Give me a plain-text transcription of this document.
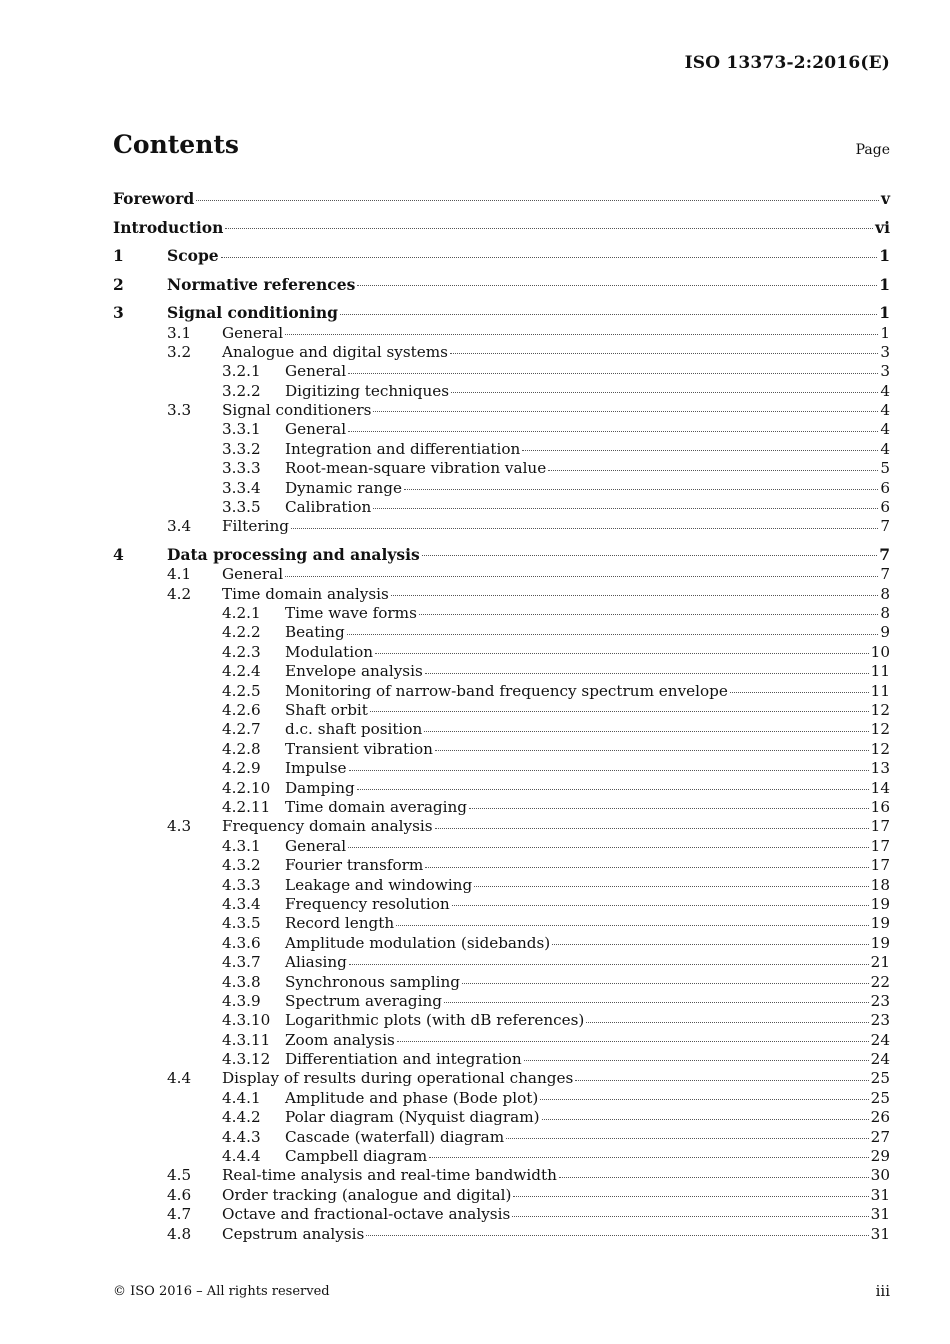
ISO 13373-2:2016(E)
Contents	Page
Foreword	v
Introduction	vi
1	Scope	1
2	Normative references	1
3	Signal conditioning	1
3.1	General	1
3.2	Analogue and digital systems	3
3.2.1	General	3
3.2.2	Digitizing techniques	4
3.3	Signal conditioners	4
3.3.1	General	4
3.3.2	Integration and differentiation	4
3.3.3	Root-mean-square vibration value	5
3.3.4	Dynamic range	6
3.3.5	Calibration	6
3.4	Filtering	7
4	Data processing and analysis	7
4.1	General	7
4.2	Time domain analysis	8
4.2.1	Time wave forms	8
4.2.2	Beating	9
4.2.3	Modulation	10
4.2.4	Envelope analysis	11
4.2.5	Monitoring of narrow-band frequency spectrum envelope	11
4.2.6	Shaft orbit	12
4.2.7	d.c. shaft position	12
4.2.8	Transient vibration	12
4.2.9	Impulse	13
4.2.10 Damping	14
4.2.11 Time domain averaging	16
4.3	Frequency domain analysis	17
4.3.1	General	17
4.3.2	Fourier transform	17
4.3.3	Leakage and windowing	18
4.3.4	Frequency resolution	19
4.3.5	Record length	19
4.3.6	Amplitude modulation (sidebands)	19
4.3.7	Aliasing	21
4.3.8	Synchronous sampling	22
4.3.9	Spectrum averaging	23
4.3.10 Logarithmic plots (with dB references)	23
4.3.11 Zoom analysis	24
4.3.12 Differentiation and integration	24
4.4	Display of results during operational changes	25
4.4.1	Amplitude and phase (Bode plot)	25
4.4.2	Polar diagram (Nyquist diagram)	26
4.4.3	Cascade (waterfall) diagram	27
4.4.4	Campbell diagram	29
4.5	Real-time analysis and real-time bandwidth	30
4.6	Order tracking (analogue and digital)	31
4.7	Octave and fractional-octave analysis	31
4.8	Cepstrum analysis	31
© ISO 2016 – All rights reserved	iii
